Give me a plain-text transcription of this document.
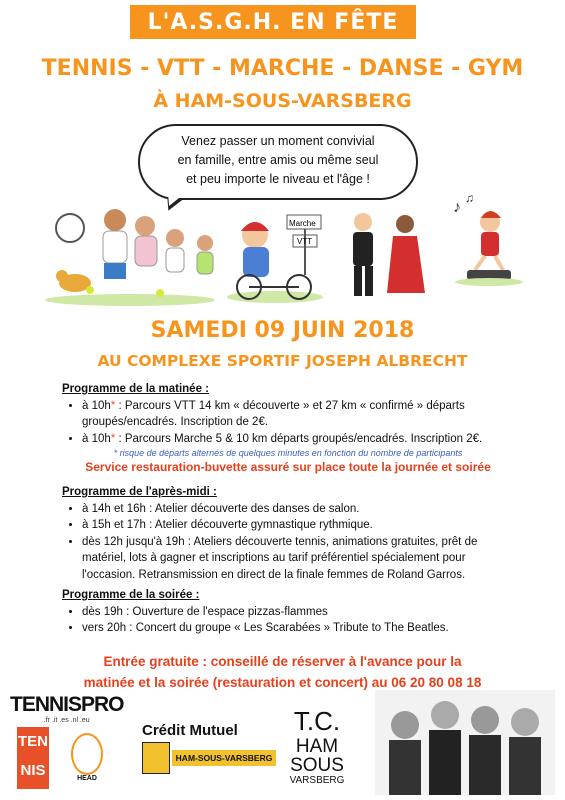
L'A.S.G.H. EN FÊTE
TENNIS - VTT - MARCHE - DANSE - GYM
À HAM-SOUS-VARSBERG
Venez passer un moment convivial
en famille, entre amis ou même seul
et peu importe le niveau et l'âge !
Marche
VTT
♪
♫
SAMEDI 09 JUIN 2018
AU COMPLEXE SPORTIF JOSEPH ALBRECHT
Programme de la matinée :
• à 10h* : Parcours VTT 14 km « découverte » et 27 km « confirmé » départs groupés/encadrés. Inscription de 2€.
• à 10h* : Parcours Marche 5 & 10 km départs groupés/encadrés. Inscription 2€.
* risque de départs alternés de quelques minutes en fonction du nombre de participants
Service restauration-buvette assuré sur place toute la journée et soirée
Programme de l'après-midi :
• à 14h et 16h : Atelier découverte des danses de salon.
• à 15h et 17h : Atelier découverte gymnastique rythmique.
• dès 12h jusqu'à 19h : Ateliers découverte tennis, animations gratuites, prêt de matériel, lots à gagner et inscriptions au tarif préférentiel spécialement pour l'occasion. Retransmission en direct de la finale femmes de Roland Garros.
Programme de la soirée :
• dès 19h : Ouverture de l'espace pizzas-flammes
• vers 20h : Concert du groupe « Les Scarabées » Tribute to The Beatles.
Entrée gratuite : conseillé de réserver à l'avance pour la
matinée et la soirée (restauration et concert) au 06 20 80 08 18
TENNISPRO
.fr .it .es .nl .eu
TEN
NIS	HEAD
Crédit Mutuel
HAM-SOUS-VARSBERG
T.C.
HAM
SOUS
VARSBERG
